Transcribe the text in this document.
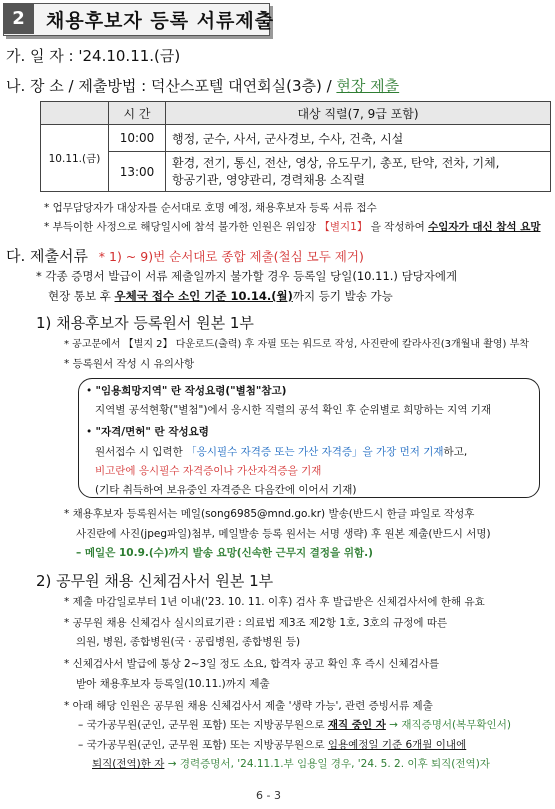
2	채용후보자 등록 서류제출
가. 일 자 : '24.10.11.(금)
나. 장 소 / 제출방법 : 덕산스포텔 대연회실(3층) / 현장 제출
	시 간	대상 직렬(7, 9급 포함)
10.11.(금)	10:00	행정, 군수, 사서, 군사경보, 수사, 건축, 시설
	13:00	환경, 전기, 통신, 전산, 영상, 유도무기, 총포, 탄약, 전차, 기체,
항공기관, 영양관리, 경력채용 소직렬
* 업무담당자가 대상자를 순서대로 호명 예정, 채용후보자 등록 서류 접수
* 부득이한 사정으로 해당일시에 참석 불가한 인원은 위임장 【별지1】 을 작성하여 수임자가 대신 참석 요망
다. 제출서류 * 1) ~ 9)번 순서대로 종합 제출(철심 모두 제거)
* 각종 증명서 발급이 서류 제출일까지 불가할 경우 등록일 당일(10.11.) 담당자에게
현장 통보 후 우체국 접수 소인 기준 10.14.(월)까지 등기 발송 가능
1) 채용후보자 등록원서 원본 1부
* 공고문에서 【별지 2】 다운로드(출력) 후 자필 또는 워드로 작성, 사진란에 칼라사진(3개월내 촬영) 부착
* 등록원서 작성 시 유의사항
• "임용희망지역" 란 작성요령("별첨"참고)
지역별 공석현황("별첨")에서 응시한 직렬의 공석 확인 후 순위별로 희망하는 지역 기재
• "자격/면허" 란 작성요령
원서접수 시 입력한 「응시필수 자격증 또는 가산 자격증」을 가장 먼저 기재하고,
비고란에 응시필수 자격증이나 가산자격증을 기재
(기타 취득하여 보유중인 자격증은 다음칸에 이어서 기재)
* 채용후보자 등록원서는 메일(song6985@mnd.go.kr) 발송(반드시 한글 파일로 작성후
사진란에 사진(jpeg파일)첨부, 메일발송 등록 원서는 서명 생략) 후 원본 제출(반드시 서명)
– 메일은 10.9.(수)까지 발송 요망(신속한 근무지 결정을 위함.)
2) 공무원 채용 신체검사서 원본 1부
* 제출 마감일로부터 1년 이내('23. 10. 11. 이후) 검사 후 발급받은 신체검사서에 한해 유효
* 공무원 채용 신체검사 실시의료기관 : 의료법 제3조 제2항 1호, 3호의 규정에 따른
의원, 병원, 종합병원(국 · 공립병원, 종합병원 등)
* 신체검사서 발급에 통상 2~3일 정도 소요, 합격자 공고 확인 후 즉시 신체검사를
받아 채용후보자 등록일(10.11.)까지 제출
* 아래 해당 인원은 공무원 채용 신체검사서 제출 '생략 가능', 관련 증빙서류 제출
– 국가공무원(군인, 군무원 포함) 또는 지방공무원으로 재직 중인 자 → 재직증명서(복무확인서)
– 국가공무원(군인, 군무원 포함) 또는 지방공무원으로 임용예정일 기준 6개월 이내에
퇴직(전역)한 자 → 경력증명서, '24.11.1.부 임용일 경우, '24. 5. 2. 이후 퇴직(전역)자
6 - 3
